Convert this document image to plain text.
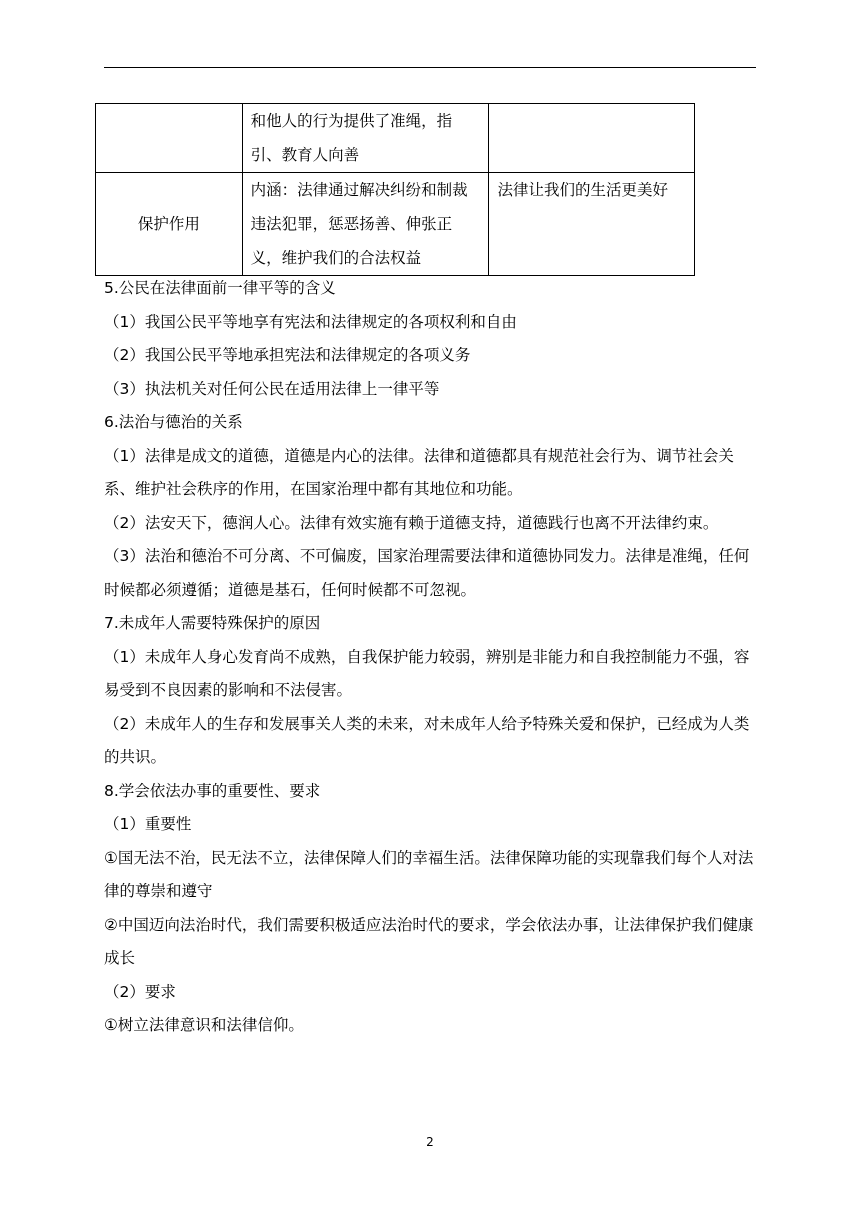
	和他人的行为提供了准绳，指引、教育人向善	
保护作用	内涵：法律通过解决纠纷和制裁违法犯罪，惩恶扬善、伸张正义，维护我们的合法权益	法律让我们的生活更美好

5.公民在法律面前一律平等的含义

（1）我国公民平等地享有宪法和法律规定的各项权利和自由

（2）我国公民平等地承担宪法和法律规定的各项义务

（3）执法机关对任何公民在适用法律上一律平等

6.法治与德治的关系

（1）法律是成文的道德，道德是内心的法律。法律和道德都具有规范社会行为、调节社会关系、维护社会秩序的作用，在国家治理中都有其地位和功能。

（2）法安天下，德润人心。法律有效实施有赖于道德支持，道德践行也离不开法律约束。

（3）法治和德治不可分离、不可偏废，国家治理需要法律和道德协同发力。法律是准绳，任何时候都必须遵循；道德是基石，任何时候都不可忽视。

7.未成年人需要特殊保护的原因

（1）未成年人身心发育尚不成熟，自我保护能力较弱，辨别是非能力和自我控制能力不强，容易受到不良因素的影响和不法侵害。

（2）未成年人的生存和发展事关人类的未来，对未成年人给予特殊关爱和保护，已经成为人类的共识。

8.学会依法办事的重要性、要求

（1）重要性

①国无法不治，民无法不立，法律保障人们的幸福生活。法律保障功能的实现靠我们每个人对法律的尊崇和遵守

②中国迈向法治时代，我们需要积极适应法治时代的要求，学会依法办事，让法律保护我们健康成长

（2）要求

①树立法律意识和法律信仰。

2
